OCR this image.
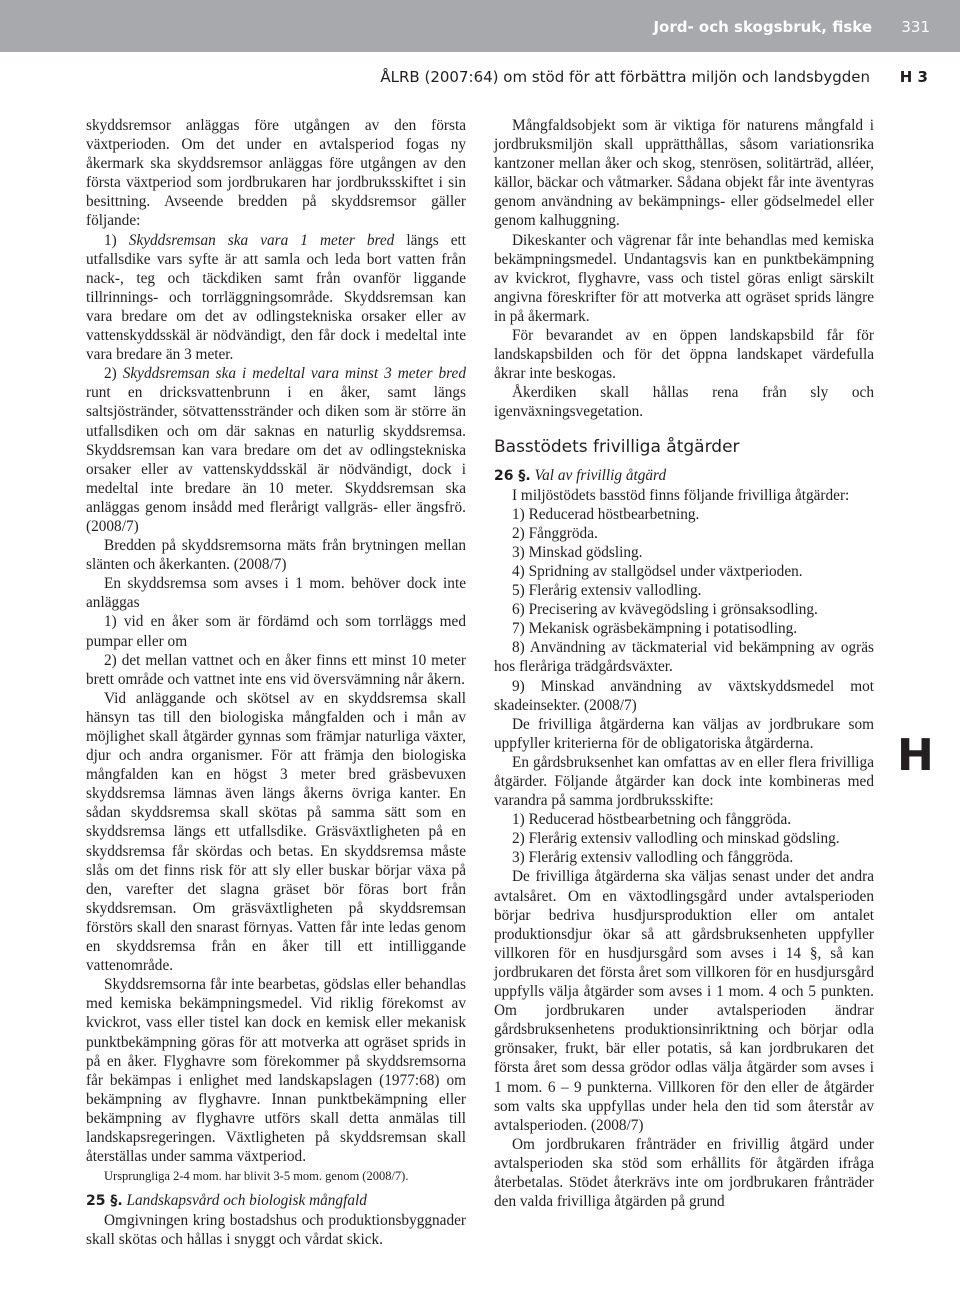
Jord- och skogsbruk, fiske 331
ÅLRB (2007:64) om stöd för att förbättra miljön och landsbygden H 3
H

skyddsremsor anläggas före utgången av den första växtperioden. Om det under en avtalsperiod fogas ny åkermark ska skyddsremsor anläggas före utgången av den första växtperiod som jordbrukaren har jordbruksskiftet i sin besittning. Avseende bredden på skyddsremsor gäller följande:

1) Skyddsremsan ska vara 1 meter bred längs ett utfallsdike vars syfte är att samla och leda bort vatten från nack-, teg och täckdiken samt från ovanför liggande tillrinnings- och torrläggningsområde. Skyddsremsan kan vara bredare om det av odlingstekniska orsaker eller av vattenskyddsskäl är nödvändigt, den får dock i medeltal inte vara bredare än 3 meter.

2) Skyddsremsan ska i medeltal vara minst 3 meter bred runt en dricksvattenbrunn i en åker, samt längs saltsjöstränder, sötvattensstränder och diken som är större än utfallsdiken och om där saknas en naturlig skyddsremsa. Skyddsremsan kan vara bredare om det av odlingstekniska orsaker eller av vattenskyddsskäl är nödvändigt, dock i medeltal inte bredare än 10 meter. Skyddsremsan ska anläggas genom insådd med flerårigt vallgräs- eller ängsfrö. (2008/7)

Bredden på skyddsremsorna mäts från brytningen mellan slänten och åkerkanten. (2008/7)

En skyddsremsa som avses i 1 mom. behöver dock inte anläggas

1) vid en åker som är fördämd och som torrläggs med pumpar eller om

2) det mellan vattnet och en åker finns ett minst 10 meter brett område och vattnet inte ens vid översvämning når åkern.

Vid anläggande och skötsel av en skyddsremsa skall hänsyn tas till den biologiska mångfalden och i mån av möjlighet skall åtgärder gynnas som främjar naturliga växter, djur och andra organismer. För att främja den biologiska mångfalden kan en högst 3 meter bred gräsbevuxen skyddsremsa lämnas även längs åkerns övriga kanter. En sådan skyddsremsa skall skötas på samma sätt som en skyddsremsa längs ett utfallsdike. Gräsväxtligheten på en skyddsremsa får skördas och betas. En skyddsremsa måste slås om det finns risk för att sly eller buskar börjar växa på den, varefter det slagna gräset bör föras bort från skyddsremsan. Om gräsväxtligheten på skyddsremsan förstörs skall den snarast förnyas. Vatten får inte ledas genom en skyddsremsa från en åker till ett intilliggande vattenområde.

Skyddsremsorna får inte bearbetas, gödslas eller behandlas med kemiska bekämpningsmedel. Vid riklig förekomst av kvickrot, vass eller tistel kan dock en kemisk eller mekanisk punktbekämpning göras för att motverka att ogräset sprids in på en åker. Flyghavre som förekommer på skyddsremsorna får bekämpas i enlighet med landskapslagen (1977:68) om bekämpning av flyghavre. Innan punktbekämpning eller bekämpning av flyghavre utförs skall detta anmälas till landskapsregeringen. Växtligheten på skyddsremsan skall återställas under samma växtperiod.

Ursprungliga 2-4 mom. har blivit 3-5 mom. genom (2008/7).

25 §. Landskapsvård och biologisk mångfald

Omgivningen kring bostadshus och produktionsbyggnader skall skötas och hållas i snyggt och vårdat skick.

Mångfaldsobjekt som är viktiga för naturens mångfald i jordbruksmiljön skall upprätthållas, såsom variationsrika kantzoner mellan åker och skog, stenrösen, solitärträd, alléer, källor, bäckar och våtmarker. Sådana objekt får inte äventyras genom användning av bekämpnings- eller gödselmedel eller genom kalhuggning.

Dikeskanter och vägrenar får inte behandlas med kemiska bekämpningsmedel. Undantagsvis kan en punktbekämpning av kvickrot, flyghavre, vass och tistel göras enligt särskilt angivna föreskrifter för att motverka att ogräset sprids längre in på åkermark.

För bevarandet av en öppen landskapsbild får för landskapsbilden och för det öppna landskapet värdefulla åkrar inte beskogas.

Åkerdiken skall hållas rena från sly och igenväxningsvegetation.

Basstödets frivilliga åtgärder

26 §. Val av frivillig åtgärd

I miljöstödets basstöd finns följande frivilliga åtgärder:

1) Reducerad höstbearbetning.

2) Fånggröda.

3) Minskad gödsling.

4) Spridning av stallgödsel under växtperioden.

5) Flerårig extensiv vallodling.

6) Precisering av kvävegödsling i grönsaksodling.

7) Mekanisk ogräsbekämpning i potatisodling.

8) Användning av täckmaterial vid bekämpning av ogräs hos fleråriga trädgårdsväxter.

9) Minskad användning av växtskyddsmedel mot skadeinsekter. (2008/7)

De frivilliga åtgärderna kan väljas av jordbrukare som uppfyller kriterierna för de obligatoriska åtgärderna.

En gårdsbruksenhet kan omfattas av en eller flera frivilliga åtgärder. Följande åtgärder kan dock inte kombineras med varandra på samma jordbruksskifte:

1) Reducerad höstbearbetning och fånggröda.

2) Flerårig extensiv vallodling och minskad gödsling.

3) Flerårig extensiv vallodling och fånggröda.

De frivilliga åtgärderna ska väljas senast under det andra avtalsåret. Om en växtodlingsgård under avtalsperioden börjar bedriva husdjursproduktion eller om antalet produktionsdjur ökar så att gårdsbruksenheten uppfyller villkoren för en husdjursgård som avses i 14 §, så kan jordbrukaren det första året som villkoren för en husdjursgård uppfylls välja åtgärder som avses i 1 mom. 4 och 5 punkten. Om jordbrukaren under avtalsperioden ändrar gårdsbruksenhetens produktionsinriktning och börjar odla grönsaker, frukt, bär eller potatis, så kan jordbrukaren det första året som dessa grödor odlas välja åtgärder som avses i 1 mom. 6 – 9 punkterna. Villkoren för den eller de åtgärder som valts ska uppfyllas under hela den tid som återstår av avtalsperioden. (2008/7)

Om jordbrukaren frånträder en frivillig åtgärd under avtalsperioden ska stöd som erhållits för åtgärden ifråga återbetalas. Stödet återkrävs inte om jordbrukaren frånträder den valda frivilliga åtgärden på grund
